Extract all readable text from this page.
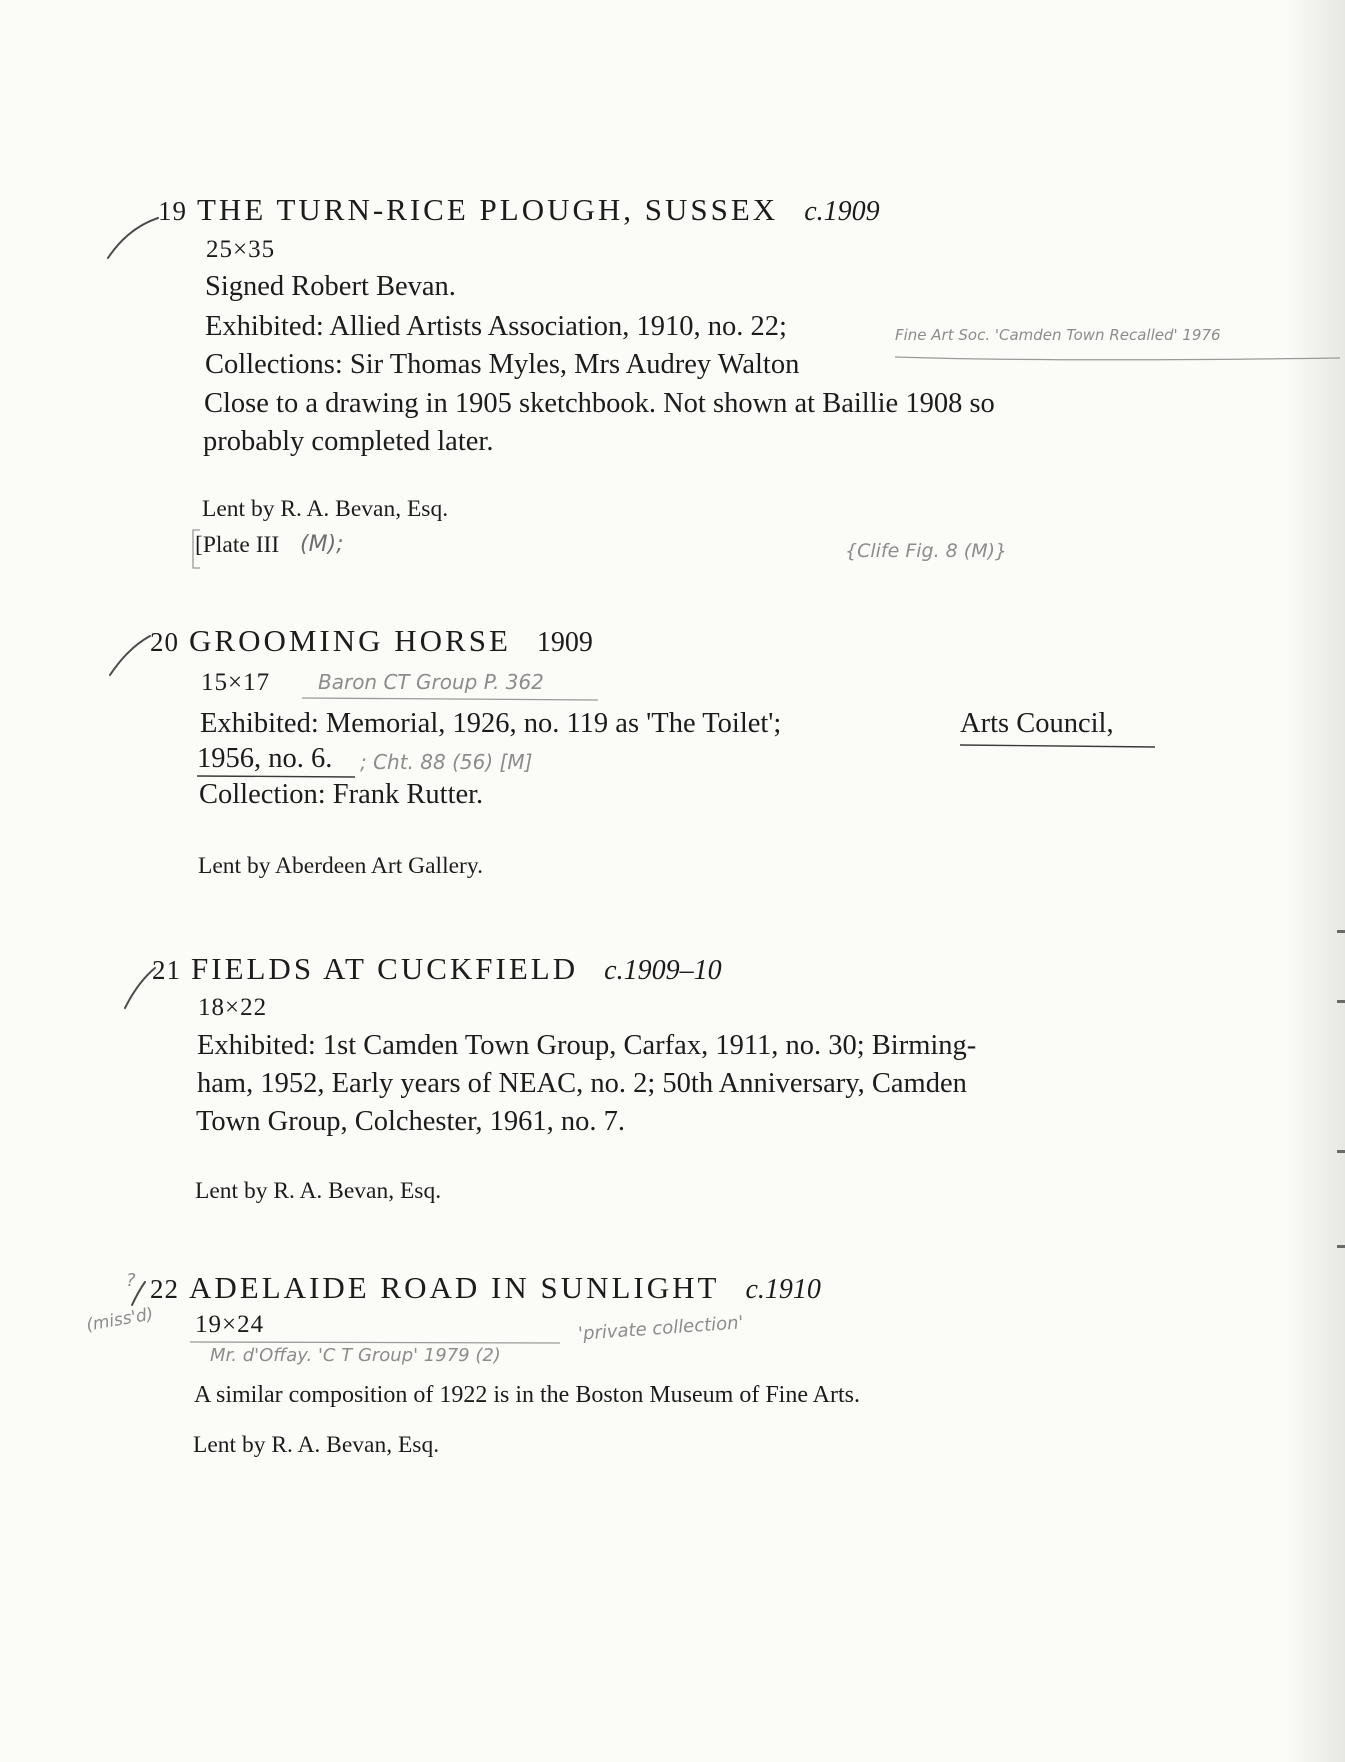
19 THE TURN-RICE PLOUGH, SUSSEX c.1909
25×35
Signed Robert Bevan.
Exhibited: Allied Artists Association, 1910, no. 22;	Fine Art Soc. 'Camden Town Recalled' 1976
Collections: Sir Thomas Myles, Mrs Audrey Walton
Close to a drawing in 1905 sketchbook. Not shown at Baillie 1908 so
probably completed later.
Lent by R. A. Bevan, Esq.
[Plate III (M);	{Clife Fig. 8 (M)}
20 GROOMING HORSE 1909
15×17 Baron CT Group P. 362
Exhibited: Memorial, 1926, no. 119 as 'The Toilet';	Arts Council,
1956, no. 6. ; Cht. 88 (56) [M]
Collection: Frank Rutter.
Lent by Aberdeen Art Gallery.
21 FIELDS AT CUCKFIELD c.1909–10
18×22
Exhibited: 1st Camden Town Group, Carfax, 1911, no. 30; Birming-
ham, 1952, Early years of NEAC, no. 2; 50th Anniversary, Camden
Town Group, Colchester, 1961, no. 7.
Lent by R. A. Bevan, Esq.
? 22 ADELAIDE ROAD IN SUNLIGHT c.1910
(miss'd) 19×24	'private collection'
Mr. d'Offay. 'C T Group' 1979 (2)
A similar composition of 1922 is in the Boston Museum of Fine Arts.
Lent by R. A. Bevan, Esq.
